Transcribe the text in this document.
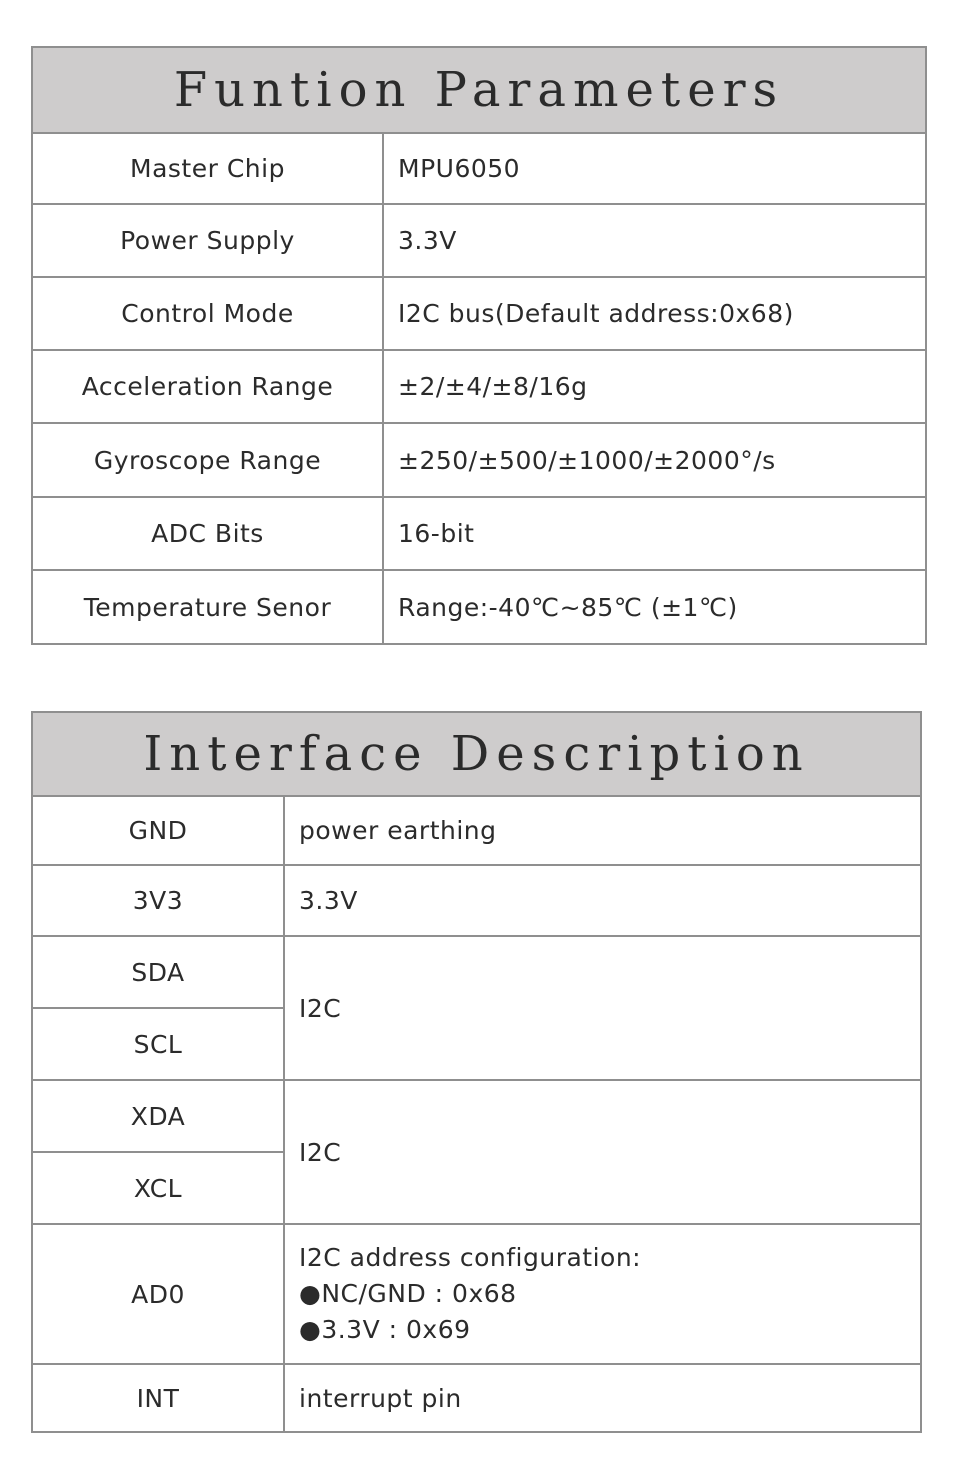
Funtion Parameters	
Master Chip	MPU6050
Power Supply	3.3V
Control Mode	I2C bus(Default address:0x68)
Acceleration Range	±2/±4/±8/16g
Gyroscope Range	±250/±500/±1000/±2000°/s
ADC Bits	16-bit
Temperature Senor	Range:-40℃~85℃ (±1℃)
Interface Description	
GND	power earthing
3V3	3.3V
SDA	I2C
SCL	
XDA	I2C
XCL	
AD0	I2C address configuration:
●NC/GND : 0x68
●3.3V : 0x69

INT	interrupt pin
